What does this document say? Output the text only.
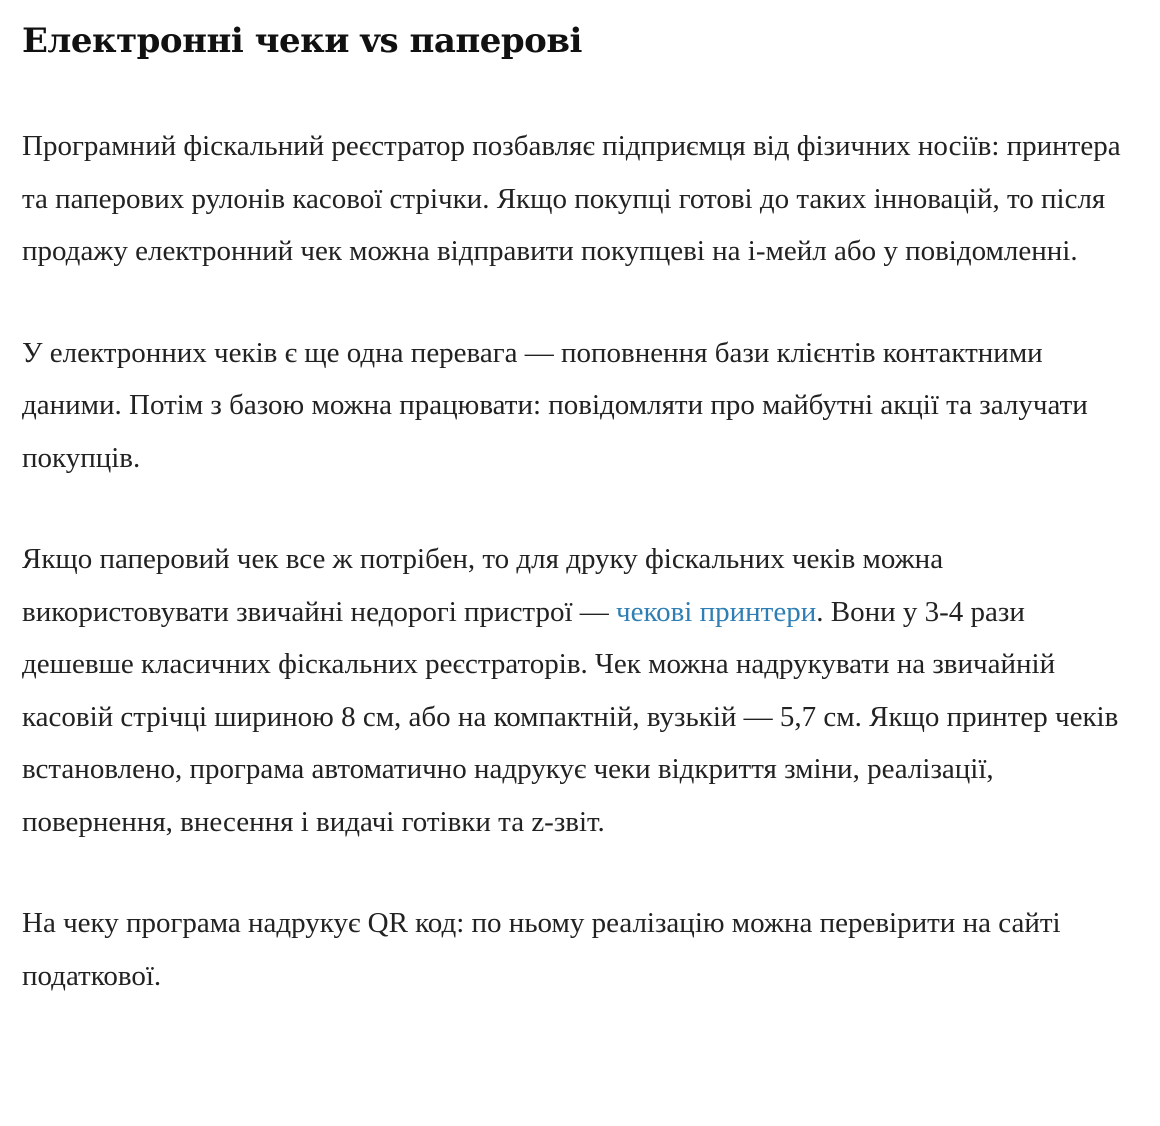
Електронні чеки vs паперові

Програмний фіскальний реєстратор позбавляє підприємця від фізичних носіїв: принтера та паперових рулонів касової стрічки. Якщо покупці готові до таких інновацій, то після продажу електронний чек можна відправити покупцеві на і-мейл або у повідомленні.

У електронних чеків є ще одна перевага — поповнення бази клієнтів контактними даними. Потім з базою можна працювати: повідомляти про майбутні акції та залучати покупців.

Якщо паперовий чек все ж потрібен, то для друку фіскальних чеків можна використовувати звичайні недорогі пристрої — чекові принтери. Вони у 3-4 рази дешевше класичних фіскальних реєстраторів. Чек можна надрукувати на звичайній касовій стрічці шириною 8 см, або на компактній, вузькій — 5,7 см. Якщо принтер чеків встановлено, програма автоматично надрукує чеки відкриття зміни, реалізації, повернення, внесення і видачі готівки та z-звіт.

На чеку програма надрукує QR код: по ньому реалізацію можна перевірити на сайті податкової.
